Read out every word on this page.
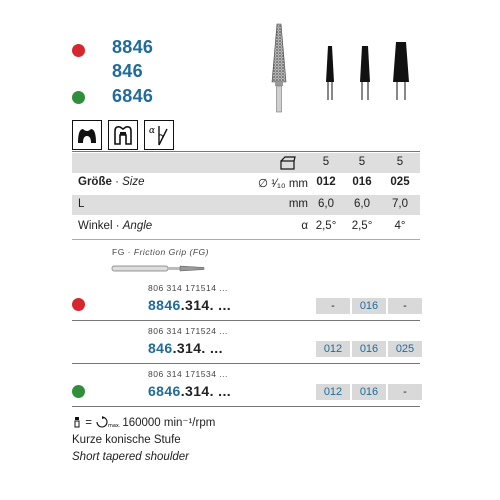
8846
846
6846
α
5	5	5
Größe · Size	∅ ¹⁄₁₀ mm 012	016	025
L	mm 6,0	6,0	7,0
Winkel · Angle	α 2,5°	2,5°	4°
FG · Friction Grip (FG)
806 314 171514 ...
8846.314. ...	-	016	-
806 314 171524 ...
846.314. ...	012	016	025
806 314 171534 ...
6846.314. ...	012	016	-
=	max. 160000 min⁻¹/rpm
Kurze konische Stufe
Short tapered shoulder
